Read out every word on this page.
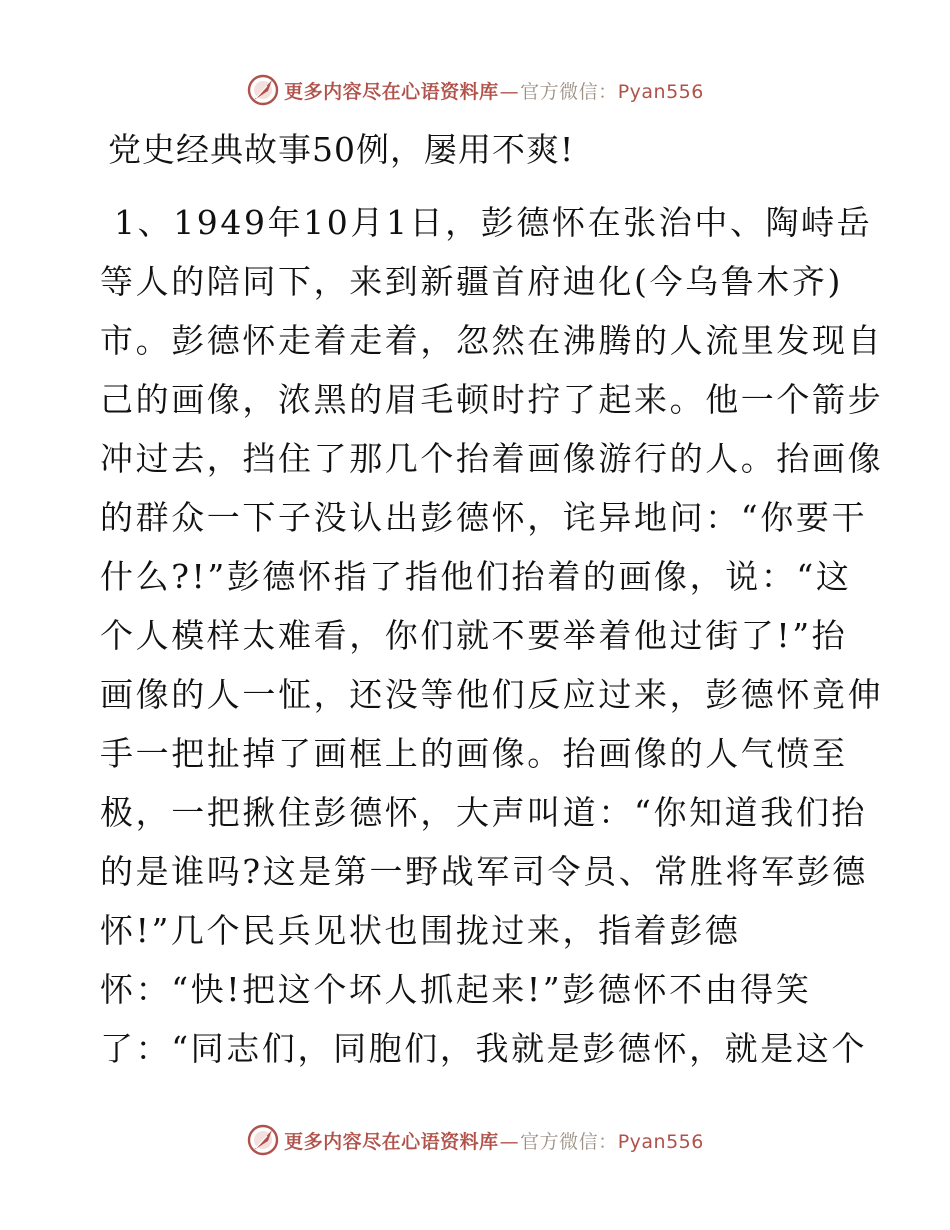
更多内容尽在心语资料库—官方微信：Pyan556
党史经典故事50例，屡用不爽!
1、1949年10月1日，彭德怀在张治中、陶峙岳
等人的陪同下，来到新疆首府迪化(今乌鲁木齐)
市。彭德怀走着走着，忽然在沸腾的人流里发现自
己的画像，浓黑的眉毛顿时拧了起来。他一个箭步
冲过去，挡住了那几个抬着画像游行的人。抬画像
的群众一下子没认出彭德怀，诧异地问：“你要干
什么?!”彭德怀指了指他们抬着的画像，说：“这
个人模样太难看，你们就不要举着他过街了!”抬
画像的人一怔，还没等他们反应过来，彭德怀竟伸
手一把扯掉了画框上的画像。抬画像的人气愤至
极，一把揪住彭德怀，大声叫道：“你知道我们抬
的是谁吗?这是第一野战军司令员、常胜将军彭德
怀!”几个民兵见状也围拢过来，指着彭德
怀：“快!把这个坏人抓起来!”彭德怀不由得笑
了：“同志们，同胞们，我就是彭德怀，就是这个
更多内容尽在心语资料库—官方微信：Pyan556
